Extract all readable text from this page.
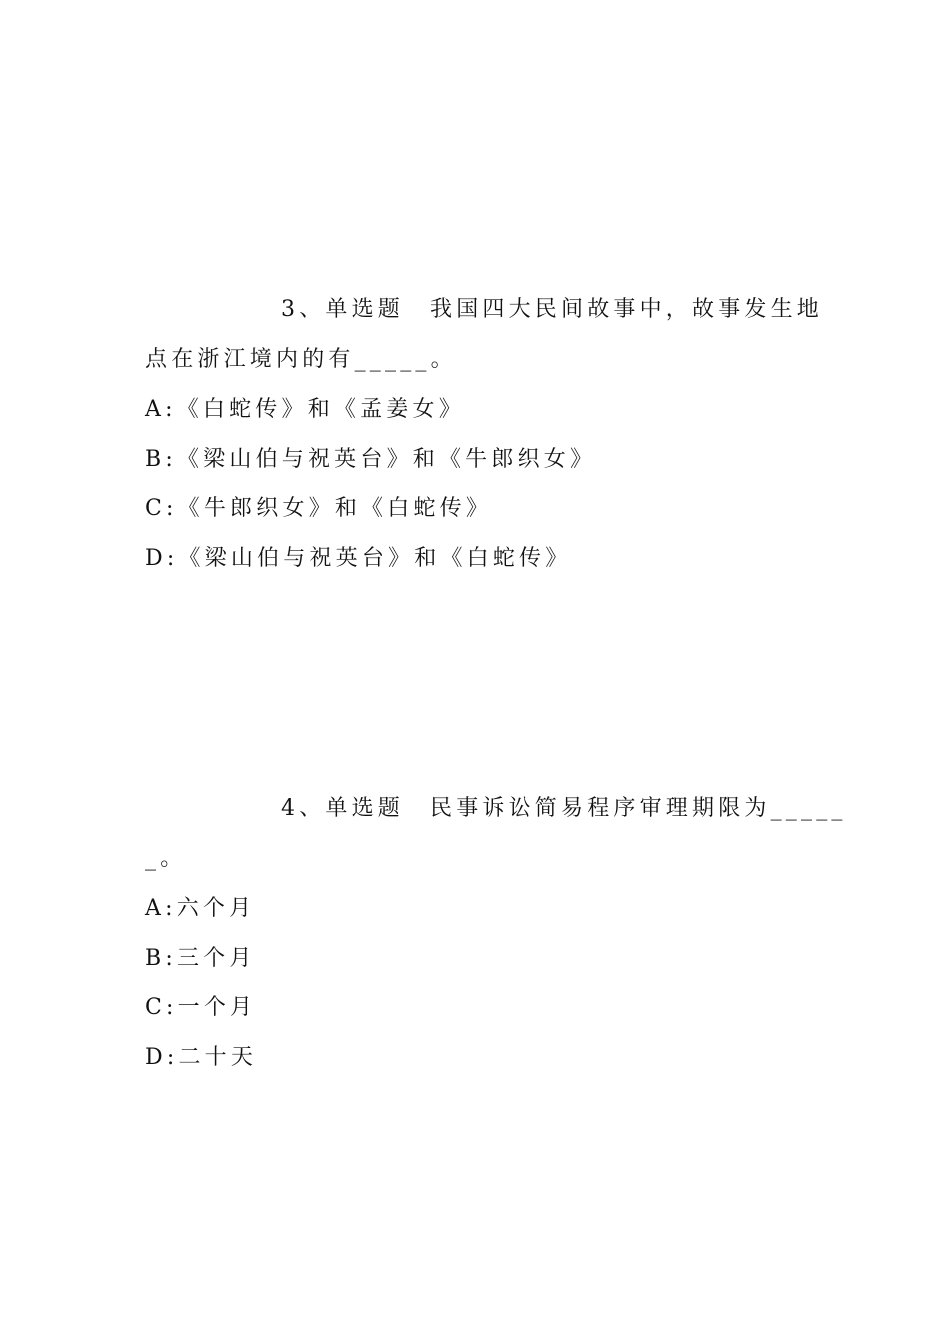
3、单选题 我国四大民间故事中，故事发生地
点在浙江境内的有_____。
A:《白蛇传》和《孟姜女》
B:《梁山伯与祝英台》和《牛郎织女》
C:《牛郎织女》和《白蛇传》
D:《梁山伯与祝英台》和《白蛇传》
4、单选题 民事诉讼简易程序审理期限为_____
_。
A:六个月
B:三个月
C:一个月
D:二十天
